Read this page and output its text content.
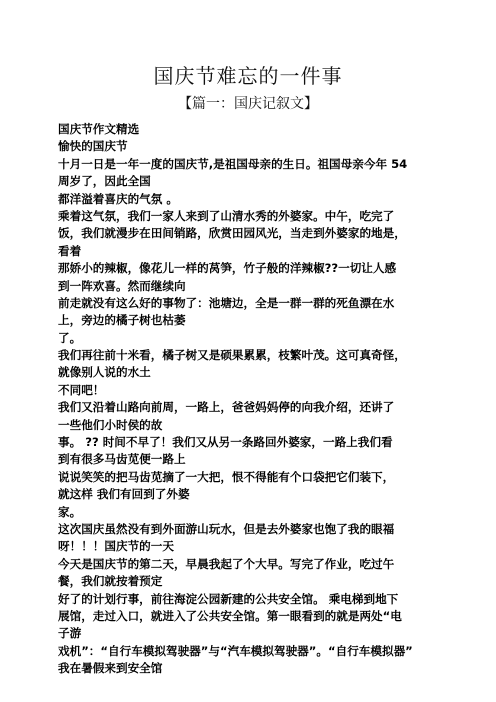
国庆节难忘的一件事
【篇一：国庆记叙文】
国庆节作文精选
愉快的国庆节
十月一日是一年一度的国庆节,是祖国母亲的生日。祖国母亲今年 54
周岁了，因此全国
都洋溢着喜庆的气氛 。
乘着这气氛，我们一家人来到了山清水秀的外婆家。中午，吃完了
饭，我们就漫步在田间销路，欣赏田园风光，当走到外婆家的地是，
看着
那娇小的辣椒，像花儿一样的莴笋，竹子般的洋辣椒??一切让人感
到一阵欢喜。然而继续向
前走就没有这么好的事物了：池塘边，全是一群一群的死鱼漂在水
上，旁边的橘子树也枯萎
了。
我们再往前十米看，橘子树又是硕果累累，枝繁叶茂。这可真奇怪，
就像别人说的水土
不同吧！
我们又沿着山路向前周，一路上，爸爸妈妈停的向我介绍，还讲了
一些他们小时侯的故
事。 ?? 时间不早了！我们又从另一条路回外婆家，一路上我们看
到有很多马齿苋便一路上
说说笑笑的把马齿苋摘了一大把，恨不得能有个口袋把它们装下，
就这样 我们有回到了外婆
家。
这次国庆虽然没有到外面游山玩水，但是去外婆家也饱了我的眼福
呀！！！国庆节的一天
今天是国庆节的第二天，早晨我起了个大早。写完了作业，吃过午
餐，我们就按着预定
好了的计划行事，前往海淀公园新建的公共安全馆。 乘电梯到地下
展馆，走过入口，就进入了公共安全馆。第一眼看到的就是两处“电
子游
戏机”：“自行车模拟驾驶器”与“汽车模拟驾驶器”。“自行车模拟器”
我在暑假来到安全馆
